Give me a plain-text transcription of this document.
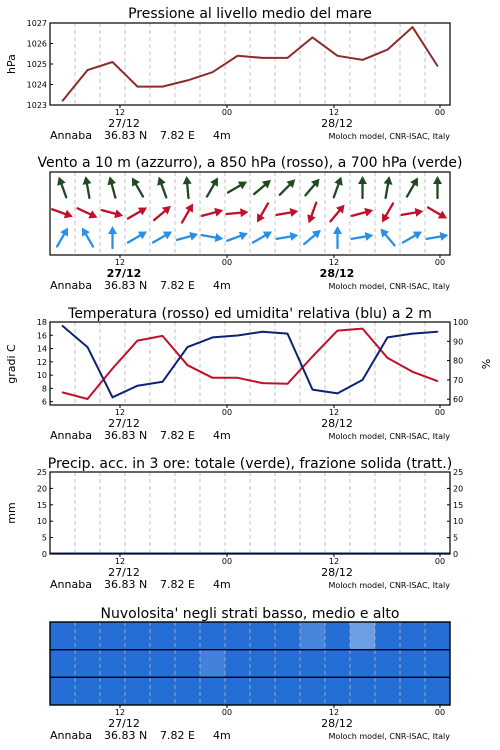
Pressione al livello medio del mare
1023
1024
1025
1026
1027
hPa
12	00	12	00
27/12	28/12
Annaba 36.83 N 7.82 E 4m	Moloch model, CNR-ISAC, Italy
Vento a 10 m (azzurro), a 850 hPa (rosso), a 700 hPa (verde)
12	00	12	00
27/12	28/12
Annaba 36.83 N 7.82 E 4m	Moloch model, CNR-ISAC, Italy
Temperatura (rosso) ed umidita' relativa (blu) a 2 m
6
8
10
12
14
16
18
60
70
80
90
100
gradi C	%
12	00	12	00
27/12	28/12
Annaba 36.83 N 7.82 E 4m	Moloch model, CNR-ISAC, Italy
Precip. acc. in 3 ore: totale (verde), frazione solida (tratt.)
0
5
10
15
20
25
0
5
10
15
20
25
mm
12	00	12	00
27/12	28/12
Annaba 36.83 N 7.82 E 4m	Moloch model, CNR-ISAC, Italy
Nuvolosita' negli strati basso, medio e alto
12	00	12	00
27/12	28/12
Annaba 36.83 N 7.82 E 4m	Moloch model, CNR-ISAC, Italy
